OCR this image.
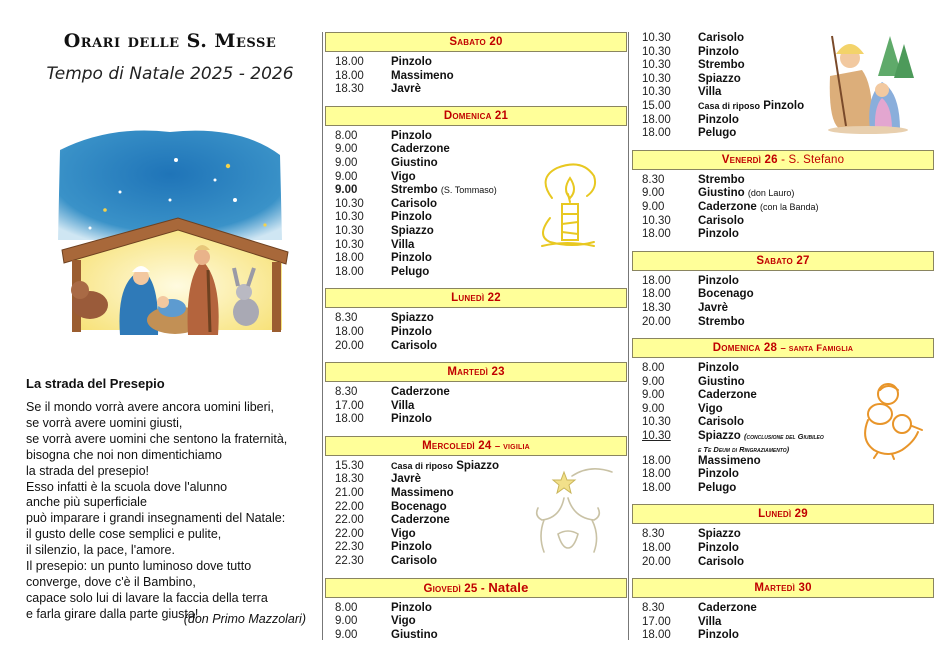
Orari delle S. Messe
Tempo di Natale 2025 - 2026
La strada del Presepio
Se il mondo vorrà avere ancora uomini liberi,
se vorrà avere uomini giusti,
se vorrà avere uomini che sentono la fraternità,
bisogna che noi non dimentichiamo
la strada del presepio!
Esso infatti è la scuola dove l'alunno
anche più superficiale
può imparare i grandi insegnamenti del Natale:
il gusto delle cose semplici e pulite,
il silenzio, la pace, l'amore.
Il presepio: un punto luminoso dove tutto
converge, dove c'è il Bambino,
capace solo lui di lavare la faccia della terra
e farla girare dalla parte giusta!
(don Primo Mazzolari)
Sabato 20
18.00	Pinzolo
18.00	Massimeno
18.30	Javrè
Domenica 21
8.00	Pinzolo
9.00	Caderzone
9.00	Giustino
9.00	Vigo
9.00	Strembo (S. Tommaso)
10.30	Carisolo
10.30	Pinzolo
10.30	Spiazzo
10.30	Villa
18.00	Pinzolo
18.00	Pelugo
Lunedì 22
8.30	Spiazzo
18.00	Pinzolo
20.00	Carisolo
Martedì 23
8.30	Caderzone
17.00	Villa
18.00	Pinzolo
Mercoledì 24 – vigilia
15.30	Casa di riposo Spiazzo
18.30	Javrè
21.00	Massimeno
22.00	Bocenago
22.00	Caderzone
22.00	Vigo
22.30	Pinzolo
22.30	Carisolo
Giovedì 25 - Natale
8.00	Pinzolo
9.00	Vigo
9.00	Giustino
10.30	Carisolo
10.30	Pinzolo
10.30	Strembo
10.30	Spiazzo
10.30	Villa
15.00	Casa di riposo Pinzolo
18.00	Pinzolo
18.00	Pelugo
Venerdì 26 - S. Stefano
8.30	Strembo
9.00	Giustino (don Lauro)
9.00	Caderzone (con la Banda)
10.30	Carisolo
18.00	Pinzolo
Sabato 27
18.00	Pinzolo
18.00	Bocenago
18.30	Javrè
20.00	Strembo
Domenica 28 – santa Famiglia
8.00	Pinzolo
9.00	Giustino
9.00	Caderzone
9.00	Vigo
10.30	Carisolo
10.30	Spiazzo (conclusione del Giubileo
e Te Deum di Ringraziamento)
18.00	Massimeno
18.00	Pinzolo
18.00	Pelugo
Lunedì 29
8.30	Spiazzo
18.00	Pinzolo
20.00	Carisolo
Martedì 30
8.30	Caderzone
17.00	Villa
18.00	Pinzolo
